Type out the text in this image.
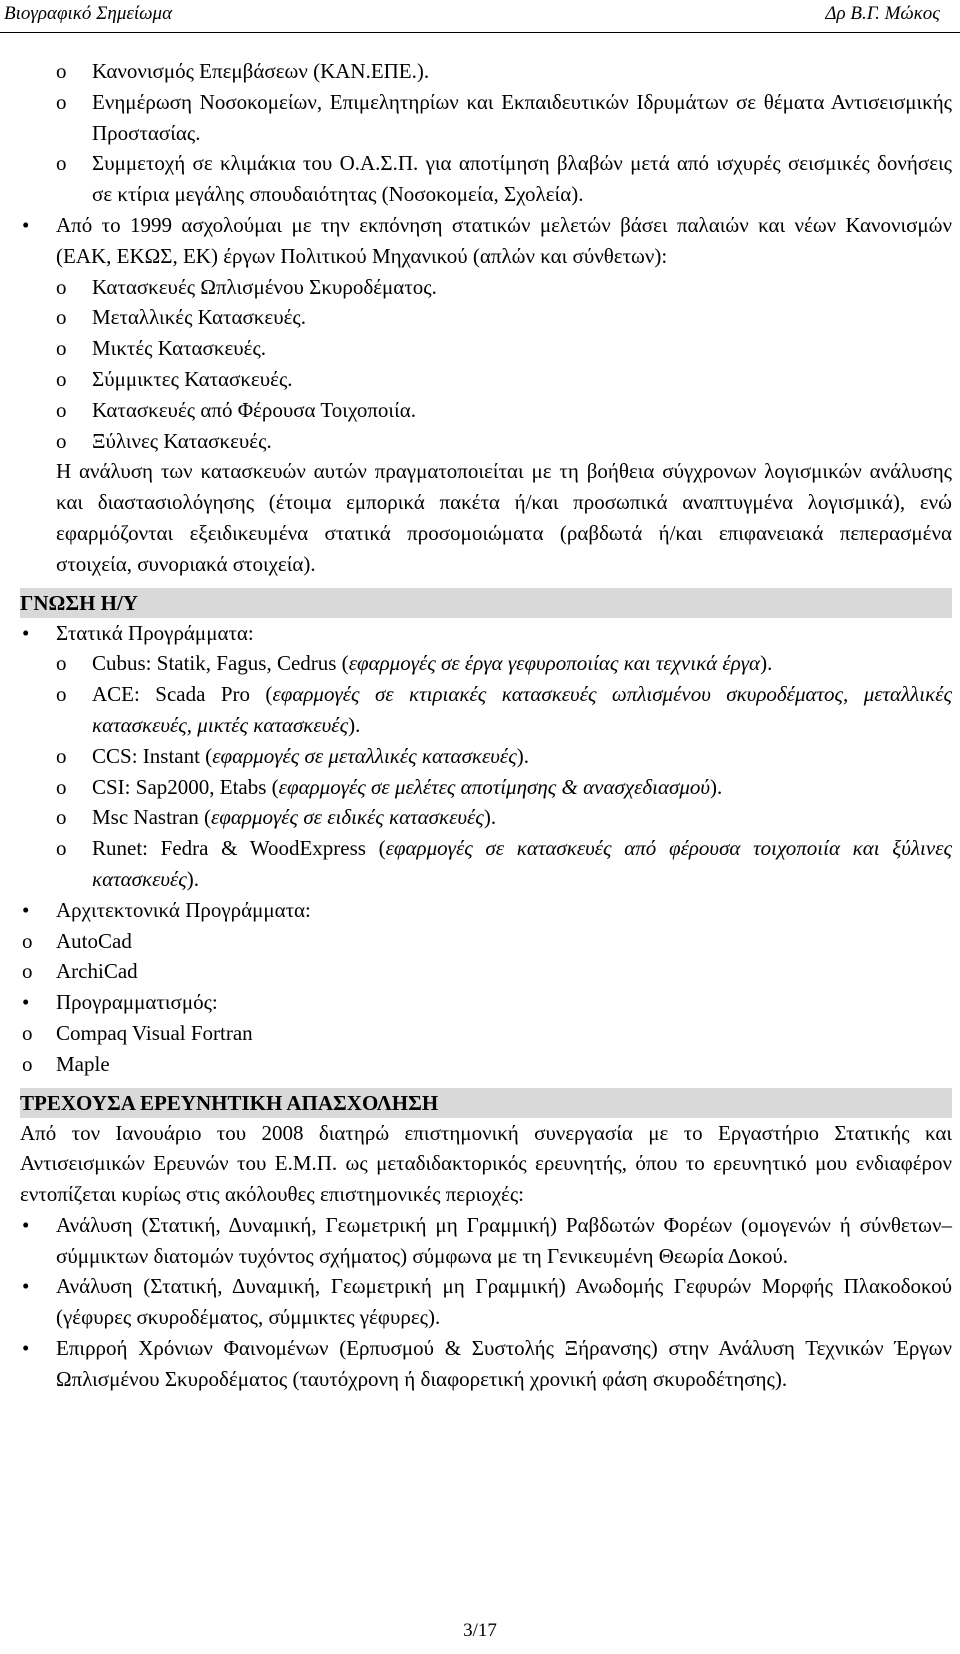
Βιογραφικό Σημείωμα	Δρ Β.Γ. Μώκος

o Κανονισμός Επεμβάσεων (ΚΑΝ.ΕΠΕ.).

o Ενημέρωση Νοσοκομείων, Επιμελητηρίων και Εκπαιδευτικών Ιδρυμάτων σε θέματα Αντισεισμικής Προστασίας.

o Συμμετοχή σε κλιμάκια του Ο.Α.Σ.Π. για αποτίμηση βλαβών μετά από ισχυρές σεισμικές δονήσεις σε κτίρια μεγάλης σπουδαιότητας (Νοσοκομεία, Σχολεία).

• Από το 1999 ασχολούμαι με την εκπόνηση στατικών μελετών βάσει παλαιών και νέων Κανονισμών (ΕΑΚ, ΕΚΩΣ, ΕΚ) έργων Πολιτικού Μηχανικού (απλών και σύνθετων):

o Κατασκευές Ωπλισμένου Σκυροδέματος.

o Μεταλλικές Κατασκευές.

o Μικτές Κατασκευές.

o Σύμμικτες Κατασκευές.

o Κατασκευές από Φέρουσα Τοιχοποιία.

o Ξύλινες Κατασκευές.

Η ανάλυση των κατασκευών αυτών πραγματοποιείται με τη βοήθεια σύγχρονων λογισμικών ανάλυσης και διαστασιολόγησης (έτοιμα εμπορικά πακέτα ή/και προσωπικά αναπτυγμένα λογισμικά), ενώ εφαρμόζονται εξειδικευμένα στατικά προσομοιώματα (ραβδωτά ή/και επιφανειακά πεπερασμένα στοιχεία, συνοριακά στοιχεία).

ΓΝΩΣΗ Η/Υ

• Στατικά Προγράμματα:

o Cubus: Statik, Fagus, Cedrus (εφαρμογές σε έργα γεφυροποιίας και τεχνικά έργα).

o ACE: Scada Pro (εφαρμογές σε κτιριακές κατασκευές ωπλισμένου σκυροδέματος, μεταλλικές κατασκευές, μικτές κατασκευές).

o CCS: Instant (εφαρμογές σε μεταλλικές κατασκευές).

o CSI: Sap2000, Etabs (εφαρμογές σε μελέτες αποτίμησης & ανασχεδιασμού).

o Msc Nastran (εφαρμογές σε ειδικές κατασκευές).

o Runet: Fedra & WoodExpress (εφαρμογές σε κατασκευές από φέρουσα τοιχοποιία και ξύλινες κατασκευές).

• Αρχιτεκτονικά Προγράμματα:

o AutoCad

o ArchiCad

• Προγραμματισμός:

o Compaq Visual Fortran

o Maple

ΤΡΕΧΟΥΣΑ ΕΡΕΥΝΗΤΙΚΗ ΑΠΑΣΧΟΛΗΣΗ

Από τον Ιανουάριο του 2008 διατηρώ επιστημονική συνεργασία με το Εργαστήριο Στατικής και Αντισεισμικών Ερευνών του Ε.Μ.Π. ως μεταδιδακτορικός ερευνητής, όπου το ερευνητικό μου ενδιαφέρον εντοπίζεται κυρίως στις ακόλουθες επιστημονικές περιοχές:

• Ανάλυση (Στατική, Δυναμική, Γεωμετρική μη Γραμμική) Ραβδωτών Φορέων (ομογενών ή σύνθετων–σύμμικτων διατομών τυχόντος σχήματος) σύμφωνα με τη Γενικευμένη Θεωρία Δοκού.

• Ανάλυση (Στατική, Δυναμική, Γεωμετρική μη Γραμμική) Ανωδομής Γεφυρών Μορφής Πλακοδοκού (γέφυρες σκυροδέματος, σύμμικτες γέφυρες).

• Επιρροή Χρόνιων Φαινομένων (Ερπυσμού & Συστολής Ξήρανσης) στην Ανάλυση Τεχνικών Έργων Ωπλισμένου Σκυροδέματος (ταυτόχρονη ή διαφορετική χρονική φάση σκυροδέτησης).

3/17
